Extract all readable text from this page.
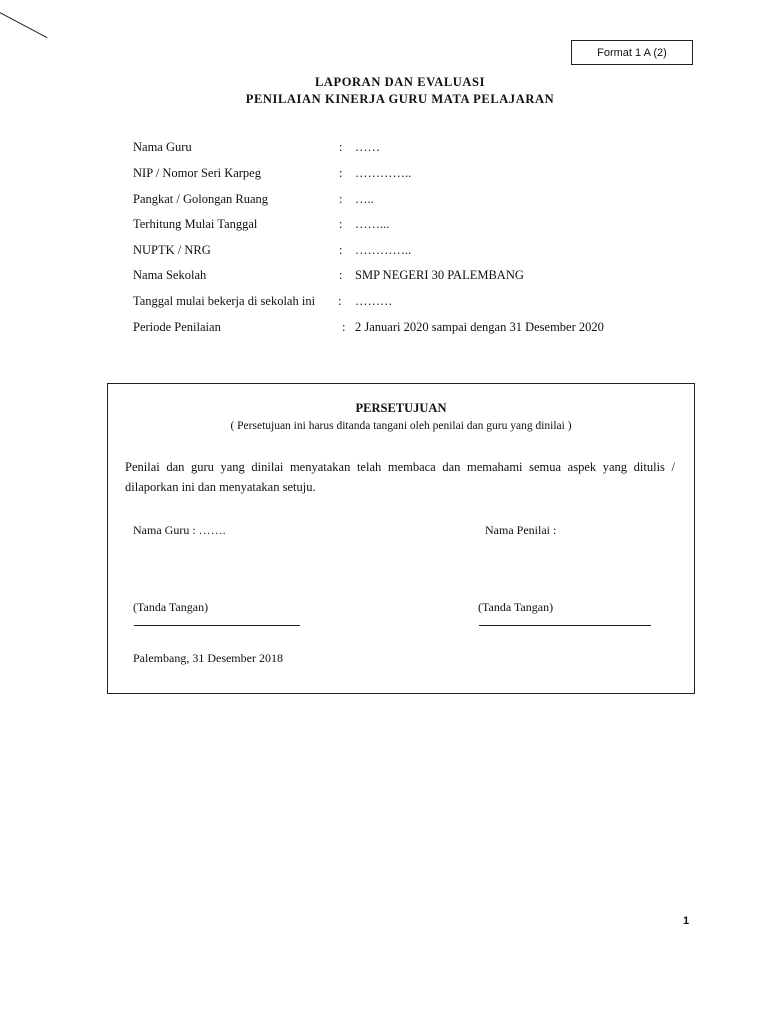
Format 1 A (2)
LAPORAN DAN EVALUASI
PENILAIAN KINERJA GURU MATA PELAJARAN
Nama Guru	: ……
NIP / Nomor Seri Karpeg	: …………..
Pangkat / Golongan Ruang	: …..
Terhitung Mulai Tanggal	: ……...
NUPTK / NRG	: …………..
Nama Sekolah	: SMP NEGERI 30 PALEMBANG
Tanggal mulai bekerja di sekolah ini : ………
Periode Penilaian	: 2 Januari 2020 sampai dengan 31 Desember 2020
PERSETUJUAN
( Persetujuan ini harus ditanda tangani oleh penilai dan guru yang dinilai )
Penilai dan guru yang dinilai menyatakan telah membaca dan memahami semua aspek yang ditulis / dilaporkan ini dan menyatakan setuju.
Nama Guru : …….	Nama Penilai :
(Tanda Tangan)	(Tanda Tangan)
Palembang, 31 Desember 2018
1
